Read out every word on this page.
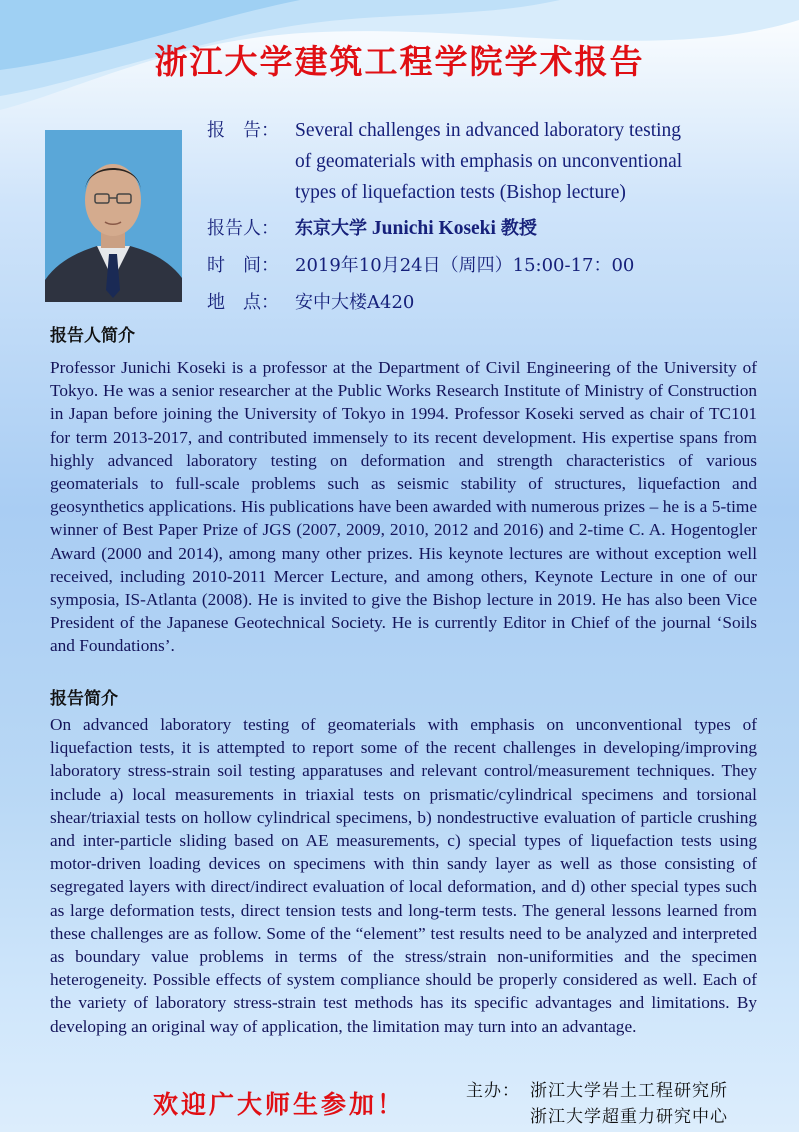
浙江大学建筑工程学院学术报告
报　告： Several challenges in advanced laboratory testing
of geomaterials with emphasis on unconventional
types of liquefaction tests (Bishop lecture)
报告人： 东京大学 Junichi Koseki 教授
时　间： 2019年10月24日（周四）15:00-17：00
地　点： 安中大楼A420
报告人简介

Professor Junichi Koseki is a professor at the Department of Civil Engineering of the University of Tokyo. He was a senior researcher at the Public Works Research Institute of Ministry of Construction in Japan before joining the University of Tokyo in 1994. Professor Koseki served as chair of TC101 for term 2013-2017, and contributed immensely to its recent development. His expertise spans from highly advanced laboratory testing on deformation and strength characteristics of various geomaterials to full-scale problems such as seismic stability of structures, liquefaction and geosynthetics applications. His publications have been awarded with numerous prizes – he is a 5-time winner of Best Paper Prize of JGS (2007, 2009, 2010, 2012 and 2016) and 2-time C. A. Hogentogler Award (2000 and 2014), among many other prizes. His keynote lectures are without exception well received, including 2010-2011 Mercer Lecture, and among others, Keynote Lecture in one of our symposia, IS-Atlanta (2008). He is invited to give the Bishop lecture in 2019. He has also been Vice President of the Japanese Geotechnical Society. He is currently Editor in Chief of the journal ‘Soils and Foundations’.

报告简介

On advanced laboratory testing of geomaterials with emphasis on unconventional types of liquefaction tests, it is attempted to report some of the recent challenges in developing/improving laboratory stress-strain soil testing apparatuses and relevant control/measurement techniques. They include a) local measurements in triaxial tests on prismatic/cylindrical specimens and torsional shear/triaxial tests on hollow cylindrical specimens, b) nondestructive evaluation of particle crushing and inter-particle sliding based on AE measurements, c) special types of liquefaction tests using motor-driven loading devices on specimens with thin sandy layer as well as those consisting of segregated layers with direct/indirect evaluation of local deformation, and d) other special types such as large deformation tests, direct tension tests and long-term tests. The general lessons learned from these challenges are as follow. Some of the “element” test results need to be analyzed and interpreted as boundary value problems in terms of the stress/strain non-uniformities and the specimen heterogeneity. Possible effects of system compliance should be properly considered as well. Each of the variety of laboratory stress-strain test methods has its specific advantages and limitations. By developing an original way of application, the limitation may turn into an advantage.

欢迎广大师生参加！	主办： 浙江大学岩土工程研究所
浙江大学超重力研究中心
